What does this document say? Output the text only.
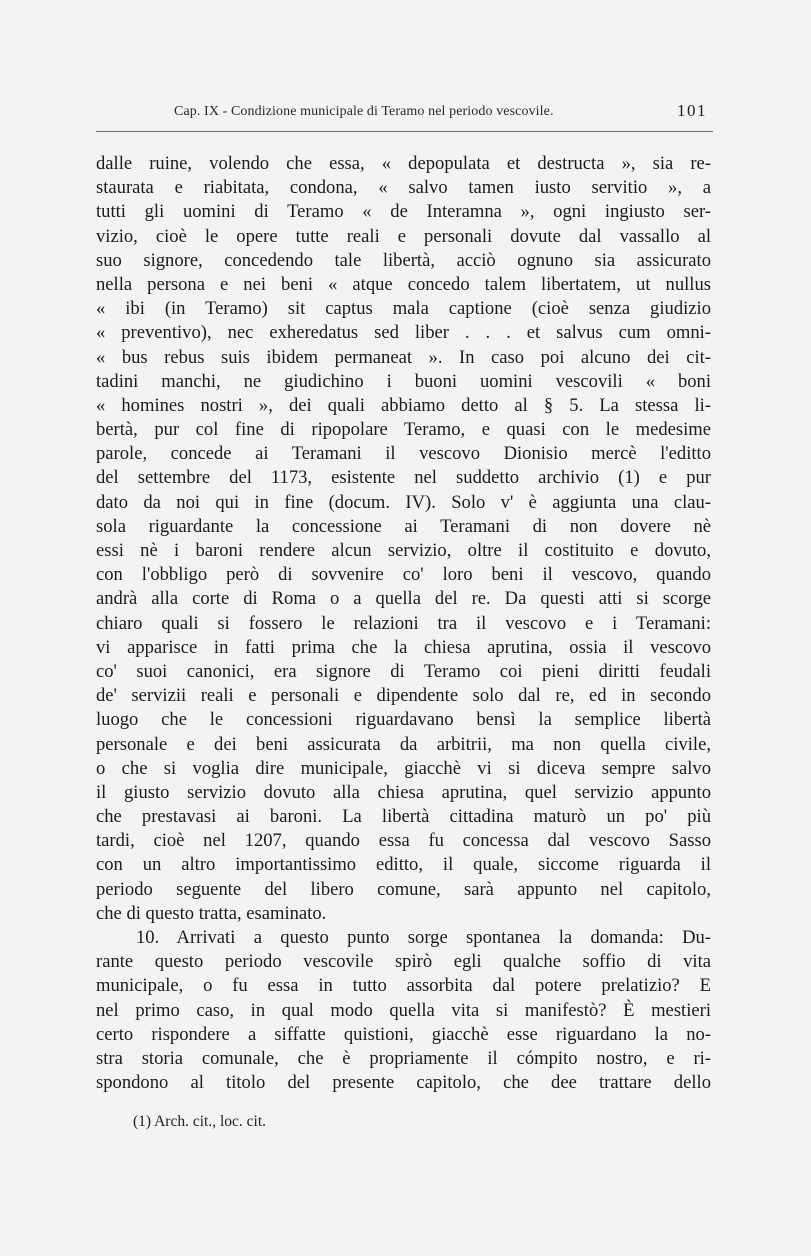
Cap. IX - Condizione municipale di Teramo nel periodo vescovile.	101
dalle ruine, volendo che essa, « depopulata et destructa », sia re-
staurata e riabitata, condona, « salvo tamen iusto servitio », a
tutti gli uomini di Teramo « de Interamna », ogni ingiusto ser-
vizio, cioè le opere tutte reali e personali dovute dal vassallo al
suo signore, concedendo tale libertà, acciò ognuno sia assicurato
nella persona e nei beni « atque concedo talem libertatem, ut nullus
« ibi (in Teramo) sit captus mala captione (cioè senza giudizio
« preventivo), nec exheredatus sed liber . . . et salvus cum omni-
« bus rebus suis ibidem permaneat ». In caso poi alcuno dei cit-
tadini manchi, ne giudichino i buoni uomini vescovili « boni
« homines nostri », dei quali abbiamo detto al § 5. La stessa li-
bertà, pur col fine di ripopolare Teramo, e quasi con le medesime
parole, concede ai Teramani il vescovo Dionisio mercè l'editto
del settembre del 1173, esistente nel suddetto archivio (1) e pur
dato da noi qui in fine (docum. IV). Solo v' è aggiunta una clau-
sola riguardante la concessione ai Teramani di non dovere nè
essi nè i baroni rendere alcun servizio, oltre il costituito e dovuto,
con l'obbligo però di sovvenire co' loro beni il vescovo, quando
andrà alla corte di Roma o a quella del re. Da questi atti si scorge
chiaro quali si fossero le relazioni tra il vescovo e i Teramani:
vi apparisce in fatti prima che la chiesa aprutina, ossia il vescovo
co' suoi canonici, era signore di Teramo coi pieni diritti feudali
de' servizii reali e personali e dipendente solo dal re, ed in secondo
luogo che le concessioni riguardavano bensì la semplice libertà
personale e dei beni assicurata da arbitrii, ma non quella civile,
o che si voglia dire municipale, giacchè vi si diceva sempre salvo
il giusto servizio dovuto alla chiesa aprutina, quel servizio appunto
che prestavasi ai baroni. La libertà cittadina maturò un po' più
tardi, cioè nel 1207, quando essa fu concessa dal vescovo Sasso
con un altro importantissimo editto, il quale, siccome riguarda il
periodo seguente del libero comune, sarà appunto nel capitolo,
che di questo tratta, esaminato.
10. Arrivati a questo punto sorge spontanea la domanda: Du-
rante questo periodo vescovile spirò egli qualche soffio di vita
municipale, o fu essa in tutto assorbita dal potere prelatizio? E
nel primo caso, in qual modo quella vita si manifestò? È mestieri
certo rispondere a siffatte quistioni, giacchè esse riguardano la no-
stra storia comunale, che è propriamente il cómpito nostro, e ri-
spondono al titolo del presente capitolo, che dee trattare dello
(1) Arch. cit., loc. cit.
